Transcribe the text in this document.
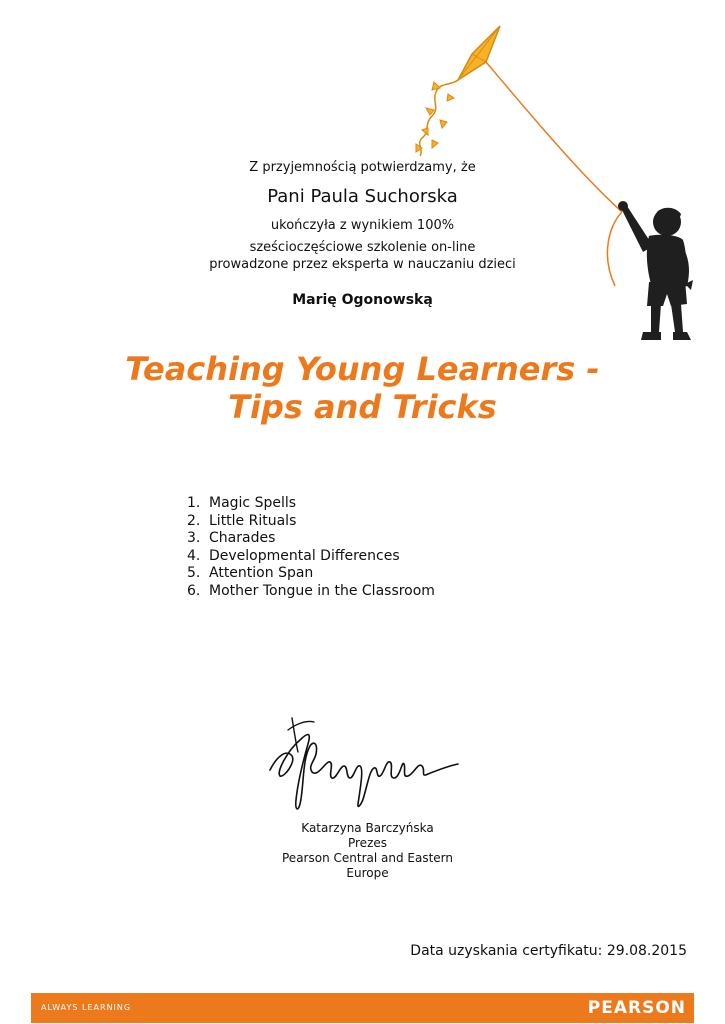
Z przyjemnością potwierdzamy, że
Pani Paula Suchorska
ukończyła z wynikiem 100%
sześcioczęściowe szkolenie on-line
prowadzone przez eksperta w nauczaniu dzieci
Marię Ogonowską
Teaching Young Learners -
Tips and Tricks
1. Magic Spells
2. Little Rituals
3. Charades
4. Developmental Differences
5. Attention Span
6. Mother Tongue in the Classroom
Katarzyna Barczyńska
Prezes
Pearson Central and Eastern
Europe
Data uzyskania certyfikatu: 29.08.2015
ALWAYS LEARNING	PEARSON
